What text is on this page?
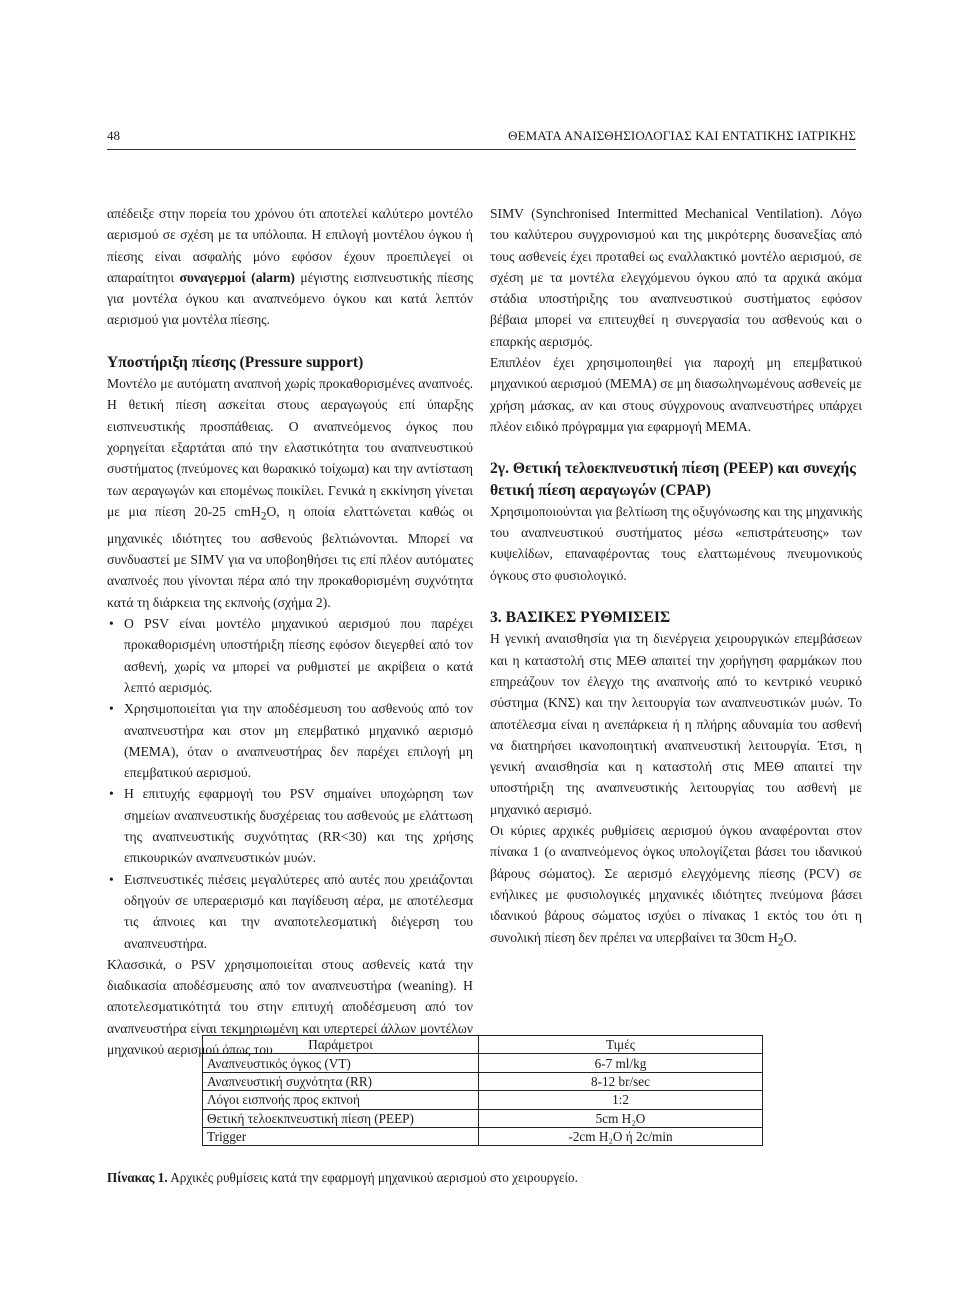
48	ΘΕΜΑΤΑ ΑΝΑΙΣΘΗΣΙΟΛΟΓΙΑΣ ΚΑΙ ΕΝΤΑΤΙΚΗΣ ΙΑΤΡΙΚΗΣ

απέδειξε στην πορεία του χρόνου ότι αποτελεί καλύτερο μοντέλο αερισμού σε σχέση με τα υπόλοιπα. Η επιλογή μοντέλου όγκου ή πίεσης είναι ασφαλής μόνο εφόσον έχουν προεπιλεγεί οι απαραίτητοι συναγερμοί (alarm) μέγιστης εισπνευστικής πίεσης για μοντέλα όγκου και αναπνεόμενο όγκου και κατά λεπτόν αερισμού για μοντέλα πίεσης.

Υποστήριξη πίεσης (Pressure support)

Μοντέλο με αυτόματη αναπνοή χωρίς προκαθορισμένες αναπνοές. Η θετική πίεση ασκείται στους αεραγωγούς επί ύπαρξης εισπνευστικής προσπάθειας. Ο αναπνεόμενος όγκος που χορηγείται εξαρτάται από την ελαστικότητα του αναπνευστικού συστήματος (πνεύμονες και θωρακικό τοίχωμα) και την αντίσταση των αεραγωγών και επομένως ποικίλει. Γενικά η εκκίνηση γίνεται με μια πίεση 20-25 cmH$_2$O, η οποία ελαττώνεται καθώς οι μηχανικές ιδιότητες του ασθενούς βελτιώνονται. Μπορεί να συνδυαστεί με SIMV για να υποβοηθήσει τις επί πλέον αυτόματες αναπνοές που γίνονται πέρα από την προκαθορισμένη συχνότητα κατά τη διάρκεια της εκπνοής (σχήμα 2).

• Ο PSV είναι μοντέλο μηχανικού αερισμού που παρέχει προκαθορισμένη υποστήριξη πίεσης εφόσον διεγερθεί από τον ασθενή, χωρίς να μπορεί να ρυθμιστεί με ακρίβεια ο κατά λεπτό αερισμός.
• Χρησιμοποιείται για την αποδέσμευση του ασθενούς από τον αναπνευστήρα και στον μη επεμβατικό μηχανικό αερισμό (ΜΕΜΑ), όταν ο αναπνευστήρας δεν παρέχει επιλογή μη επεμβατικού αερισμού.
• Η επιτυχής εφαρμογή του PSV σημαίνει υποχώρηση των σημείων αναπνευστικής δυσχέρειας του ασθενούς με ελάττωση της αναπνευστικής συχνότητας (RR<30) και της χρήσης επικουρικών αναπνευστικών μυών.
• Εισπνευστικές πιέσεις μεγαλύτερες από αυτές που χρειάζονται οδηγούν σε υπεραερισμό και παγίδευση αέρα, με αποτέλεσμα τις άπνοιες και την αναποτελεσματική διέγερση του αναπνευστήρα.

Κλασσικά, ο PSV χρησιμοποιείται στους ασθενείς κατά την διαδικασία αποδέσμευσης από τον αναπνευστήρα (weaning). Η αποτελεσματικότητά του στην επιτυχή αποδέσμευση από τον αναπνευστήρα είναι τεκμηριωμένη και υπερτερεί άλλων μοντέλων μηχανικού αερισμού όπως του

SIMV (Synchronised Intermitted Mechanical Ventilation). Λόγω του καλύτερου συγχρονισμού και της μικρότερης δυσανεξίας από τους ασθενείς έχει προταθεί ως εναλλακτικό μοντέλο αερισμού, σε σχέση με τα μοντέλα ελεγχόμενου όγκου από τα αρχικά ακόμα στάδια υποστήριξης του αναπνευστικού συστήματος εφόσον βέβαια μπορεί να επιτευχθεί η συνεργασία του ασθενούς και ο επαρκής αερισμός.

Επιπλέον έχει χρησιμοποιηθεί για παροχή μη επεμβατικού μηχανικού αερισμού (ΜΕΜΑ) σε μη διασωληνωμένους ασθενείς με χρήση μάσκας, αν και στους σύγχρονους αναπνευστήρες υπάρχει πλέον ειδικό πρόγραμμα για εφαρμογή ΜΕΜΑ.

2γ. Θετική τελοεκπνευστική πίεση (PEEP) και συνεχής θετική πίεση αεραγωγών (CPAP)

Χρησιμοποιούνται για βελτίωση της οξυγόνωσης και της μηχανικής του αναπνευστικού συστήματος μέσω «επιστράτευσης» των κυψελίδων, επαναφέροντας τους ελαττωμένους πνευμονικούς όγκους στο φυσιολογικό.

3. ΒΑΣΙΚΕΣ ΡΥΘΜΙΣΕΙΣ

Η γενική αναισθησία για τη διενέργεια χειρουργικών επεμβάσεων και η καταστολή στις ΜΕΘ απαιτεί την χορήγηση φαρμάκων που επηρεάζουν τον έλεγχο της αναπνοής από το κεντρικό νευρικό σύστημα (ΚΝΣ) και την λειτουργία των αναπνευστικών μυών. Το αποτέλεσμα είναι η ανεπάρκεια ή η πλήρης αδυναμία του ασθενή να διατηρήσει ικανοποιητική αναπνευστική λειτουργία. Έτσι, η γενική αναισθησία και η καταστολή στις ΜΕΘ απαιτεί την υποστήριξη της αναπνευστικής λειτουργίας του ασθενή με μηχανικό αερισμό.

Οι κύριες αρχικές ρυθμίσεις αερισμού όγκου αναφέρονται στον πίνακα 1 (ο αναπνεόμενος όγκος υπολογίζεται βάσει του ιδανικού βάρους σώματος). Σε αερισμό ελεγχόμενης πίεσης (PCV) σε ενήλικες με φυσιολογικές μηχανικές ιδιότητες πνεύμονα βάσει ιδανικού βάρους σώματος ισχύει ο πίνακας 1 εκτός του ότι η συνολική πίεση δεν πρέπει να υπερβαίνει τα 30cm $H_2O$.

Παράμετροι	Τιμές
Αναπνευστικός όγκος (VT)	6-7 ml/kg
Αναπνευστική συχνότητα (RR)	8-12 br/sec
Λόγοι εισπνοής προς εκπνοή	1:2
Θετική τελοεκπνευστική πίεση (PEEP)	5cm H₂O
Trigger	-2cm H₂O ή 2c/min
Πίνακας 1. Αρχικές ρυθμίσεις κατά την εφαρμογή μηχανικού αερισμού στο χειρουργείο.
